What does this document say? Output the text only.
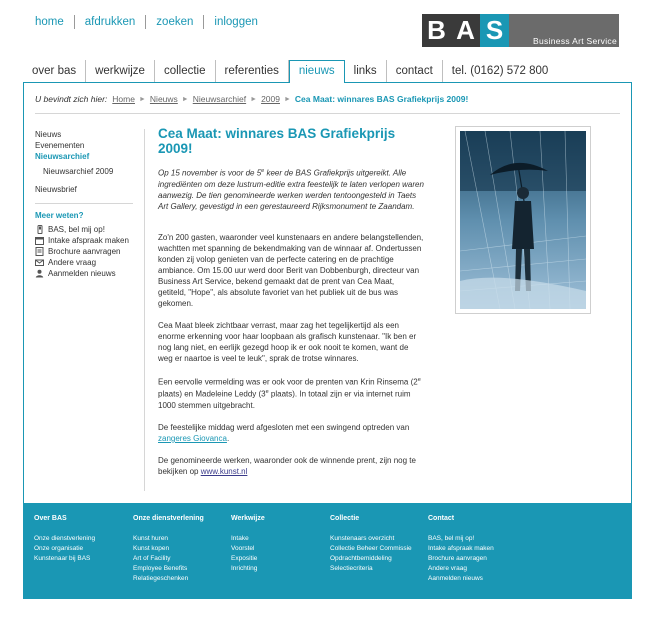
home	afdrukken	zoeken	inloggen	B A S	Business Art Service
over bas	werkwijze	collectie	referenties	nieuws	links	contact	tel. (0162) 572 800
U bevindt zich hier: Home ► Nieuws ► Nieuwsarchief ► 2009 ► Cea Maat: winnares BAS Grafiekprijs 2009!
Nieuws
Evenementen
Nieuwsarchief
Nieuwsarchief 2009
Nieuwsbrief
Meer weten?
BAS, bel mij op!
Intake afspraak maken
Brochure aanvragen
Andere vraag
Aanmelden nieuws
Cea Maat: winnares BAS Grafiekprijs 2009!

Op 15 november is voor de 5e keer de BAS Grafiekprijs uitgereikt. Alle ingrediënten om deze lustrum-editie extra feestelijk te laten verlopen waren aanwezig. De tien genomineerde werken werden tentoongesteld in Taets Art Gallery, gevestigd in een gerestaureerd Rijksmonument te Zaandam.

Zo'n 200 gasten, waaronder veel kunstenaars en andere belangstellenden, wachtten met spanning de bekendmaking van de winnaar af. Ondertussen konden zij volop genieten van de perfecte catering en de prachtige ambiance. Om 15.00 uur werd door Berit van Dobbenburgh, directeur van Business Art Service, bekend gemaakt dat de prent van Cea Maat, getiteld, "Hope", als absolute favoriet van het publiek uit de bus was gekomen.

Cea Maat bleek zichtbaar verrast, maar zag het tegelijkertijd als een enorme erkenning voor haar loopbaan als grafisch kunstenaar. "Ik ben er nog lang niet, en eerlijk gezegd hoop ik er ook nooit te komen, want de weg er naartoe is veel te leuk", sprak de trotse winnares.

Een eervolle vermelding was er ook voor de prenten van Krin Rinsema (2e plaats) en Madeleine Leddy (3e plaats). In totaal zijn er via internet ruim 1000 stemmen uitgebracht.

De feestelijke middag werd afgesloten met een swingend optreden van zangeres Giovanca.

De genomineerde werken, waaronder ook de winnende prent, zijn nog te bekijken op www.kunst.nl

Over BAS
Onze dienstverlening
Onze organisatie
Kunstenaar bij BAS
Onze dienstverlening
Kunst huren
Kunst kopen
Art of Facility
Employee Benefits
Relatiegeschenken
Werkwijze
Intake
Voorstel
Expositie
Inrichting
Collectie
Kunstenaars overzicht
Collectie Beheer Commissie
Opdrachtbemiddeling
Selectiecriteria
Contact
BAS, bel mij op!
Intake afspraak maken
Brochure aanvragen
Andere vraag
Aanmelden nieuws
